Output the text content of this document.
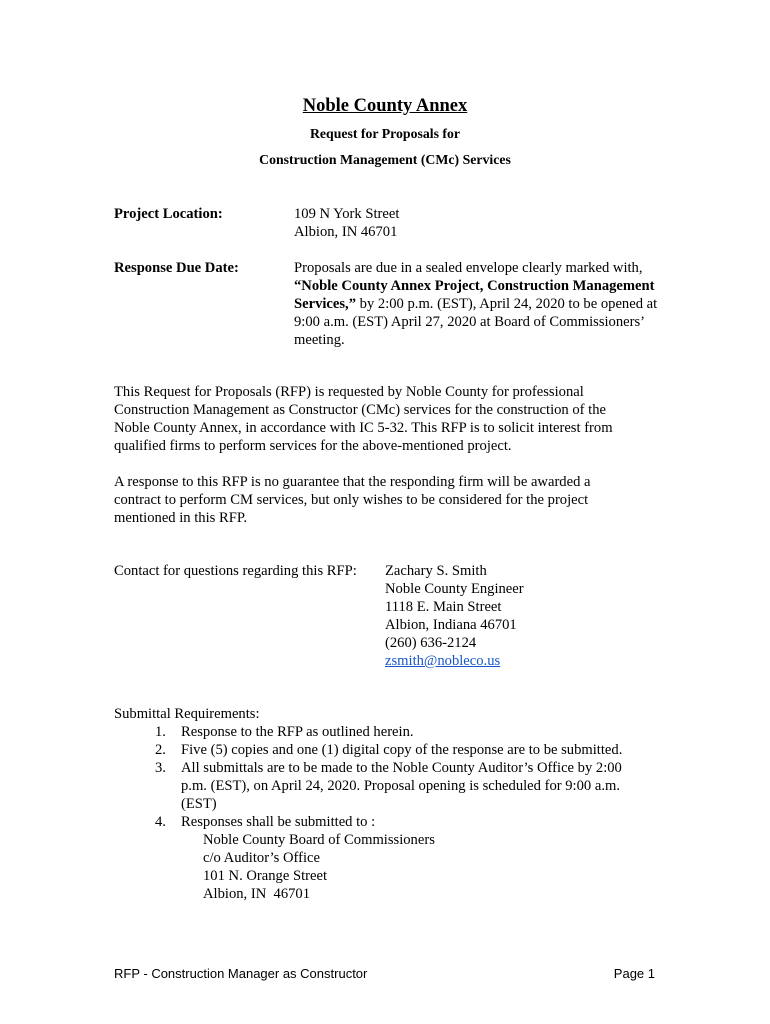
Noble County Annex
Request for Proposals for
Construction Management (CMc) Services
Project Location:	109 N York Street
Albion, IN 46701
Response Due Date:	Proposals are due in a sealed envelope clearly marked with, “Noble County Annex Project, Construction Management Services,” by 2:00 p.m. (EST), April 24, 2020 to be opened at 9:00 a.m. (EST) April 27, 2020 at Board of Commissioners’ meeting.
This Request for Proposals (RFP) is requested by Noble County for professional Construction Management as Constructor (CMc) services for the construction of the Noble County Annex, in accordance with IC 5-32. This RFP is to solicit interest from qualified firms to perform services for the above-mentioned project.
A response to this RFP is no guarantee that the responding firm will be awarded a contract to perform CM services, but only wishes to be considered for the project mentioned in this RFP.
Contact for questions regarding this RFP: Zachary S. Smith
Noble County Engineer
1118 E. Main Street
Albion, Indiana 46701
(260) 636-2124
zsmith@nobleco.us
Submittal Requirements:
1. Response to the RFP as outlined herein.
2. Five (5) copies and one (1) digital copy of the response are to be submitted.
3. All submittals are to be made to the Noble County Auditor’s Office by 2:00 p.m. (EST), on April 24, 2020. Proposal opening is scheduled for 9:00 a.m. (EST)
4. Responses shall be submitted to :
Noble County Board of Commissioners
c/o Auditor’s Office
101 N. Orange Street
Albion, IN  46701
RFP - Construction Manager as Constructor	Page 1
